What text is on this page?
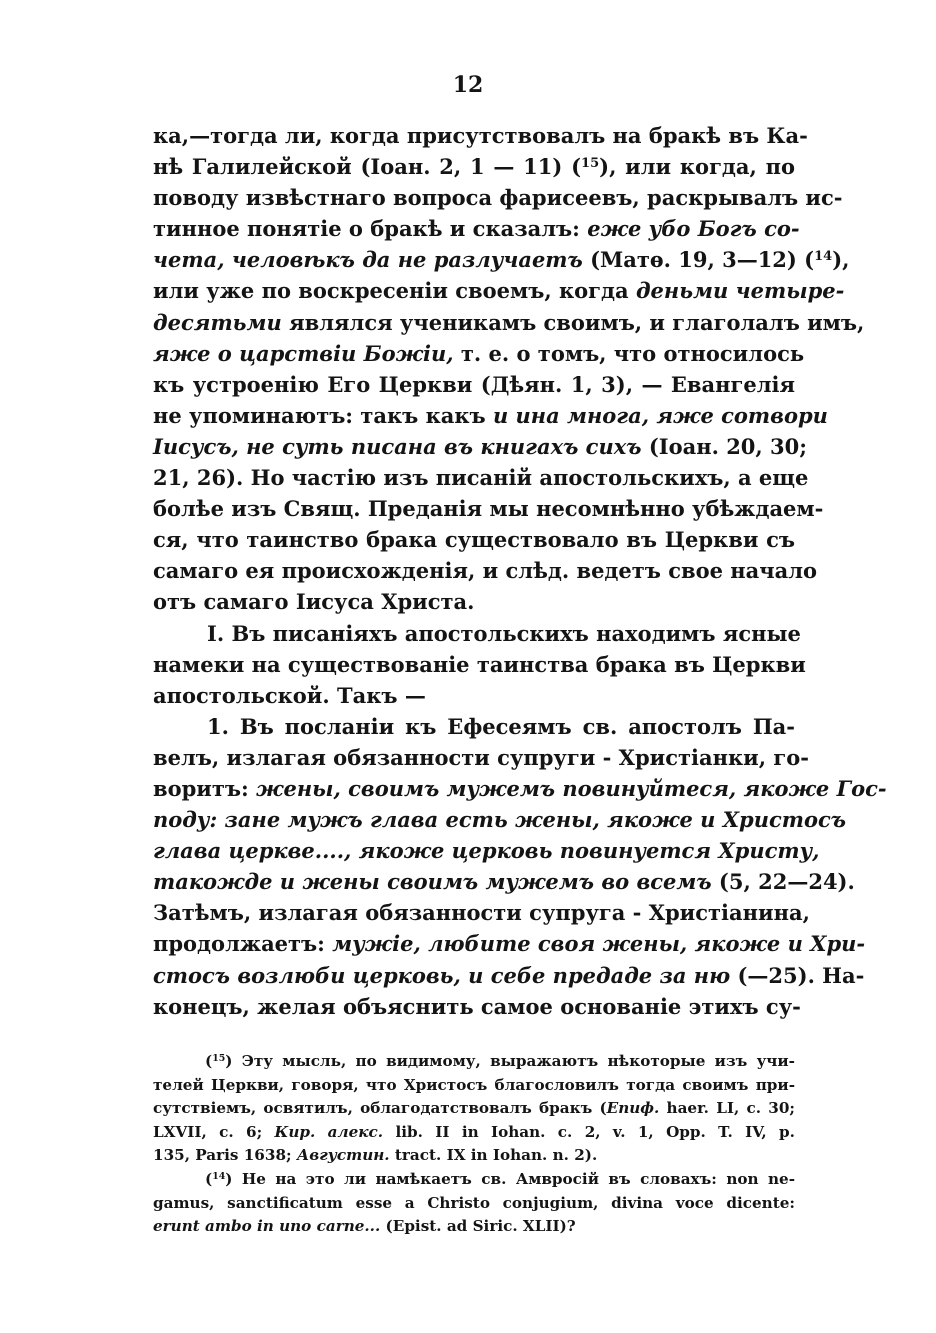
12
ка,—тогда ли, когда присутствовалъ на бракѣ въ Ка-
нѣ Галилейской (Іоан. 2, 1 — 11) ($^{15}$), или когда, по
поводу извѣстнаго вопроса фарисеевъ, раскрывалъ ис-
тинное понятіе о бракѣ и сказалъ: еже убо Богъ со-
чета, человѣкъ да не разлучаетъ (Матѳ. 19, 3—12) ($^{14}$),
или уже по воскресеніи своемъ, когда деньми четыре-
десятьми являлся ученикамъ своимъ, и глаголалъ имъ,
яже о царствіи Божіи, т. е. о томъ, что относилось
къ устроенію Его Церкви (Дѣян. 1, 3), — Евангелія
не упоминаютъ: такъ какъ и ина многа, яже сотвори
Іисусъ, не суть писана въ книгахъ сихъ (Іоан. 20, 30;
21, 26). Но частію изъ писаній апостольскихъ, а еще
болѣе изъ Свящ. Преданія мы несомнѣнно убѣждаем-
ся, что таинство брака существовало въ Церкви съ
самаго ея происхожденія, и слѣд. ведетъ свое начало
отъ самаго Іисуса Христа.
I. Въ писаніяхъ апостольскихъ находимъ ясные
намеки на существованіе таинства брака въ Церкви
апостольской. Такъ —
1. Въ посланіи къ Ефесеямъ св. апостолъ Па-
велъ, излагая обязанности супруги - Христіанки, го-
воритъ: жены, своимъ мужемъ повинуйтеся, якоже Гос-
поду: зане мужъ глава есть жены, якоже и Христосъ
глава церкве...., якоже церковь повинуется Христу,
такожде и жены своимъ мужемъ во всемъ (5, 22—24).
Затѣмъ, излагая обязанности супруга - Христіанина,
продолжаетъ: мужіе, любите своя жены, якоже и Хри-
стосъ возлюби церковь, и себе предаде за ню (—25). На-
конецъ, желая объяснить самое основаніе этихъ су-
($^{15}$) Эту мысль, по видимому, выражаютъ нѣкоторые изъ учи-
телей Церкви, говоря, что Христосъ благословилъ тогда своимъ при-
сутствіемъ, освятилъ, облагодатствовалъ бракъ (Епиф. haer. LI, c. 30;
LXVII, c. 6; Кир. алекс. lib. II in Iohan. c. 2, v. 1, Opp. T. IV, p.
135, Paris 1638; Августин. tract. IX in Iohan. n. 2).
($^{14}$) Не на это ли намѣкаетъ св. Амвросій въ словахъ: non ne-
gamus, sanctificatum esse a Christo conjugium, divina voce dicente:
erunt ambo in uno carne... (Epist. ad Siric. XLII)?
